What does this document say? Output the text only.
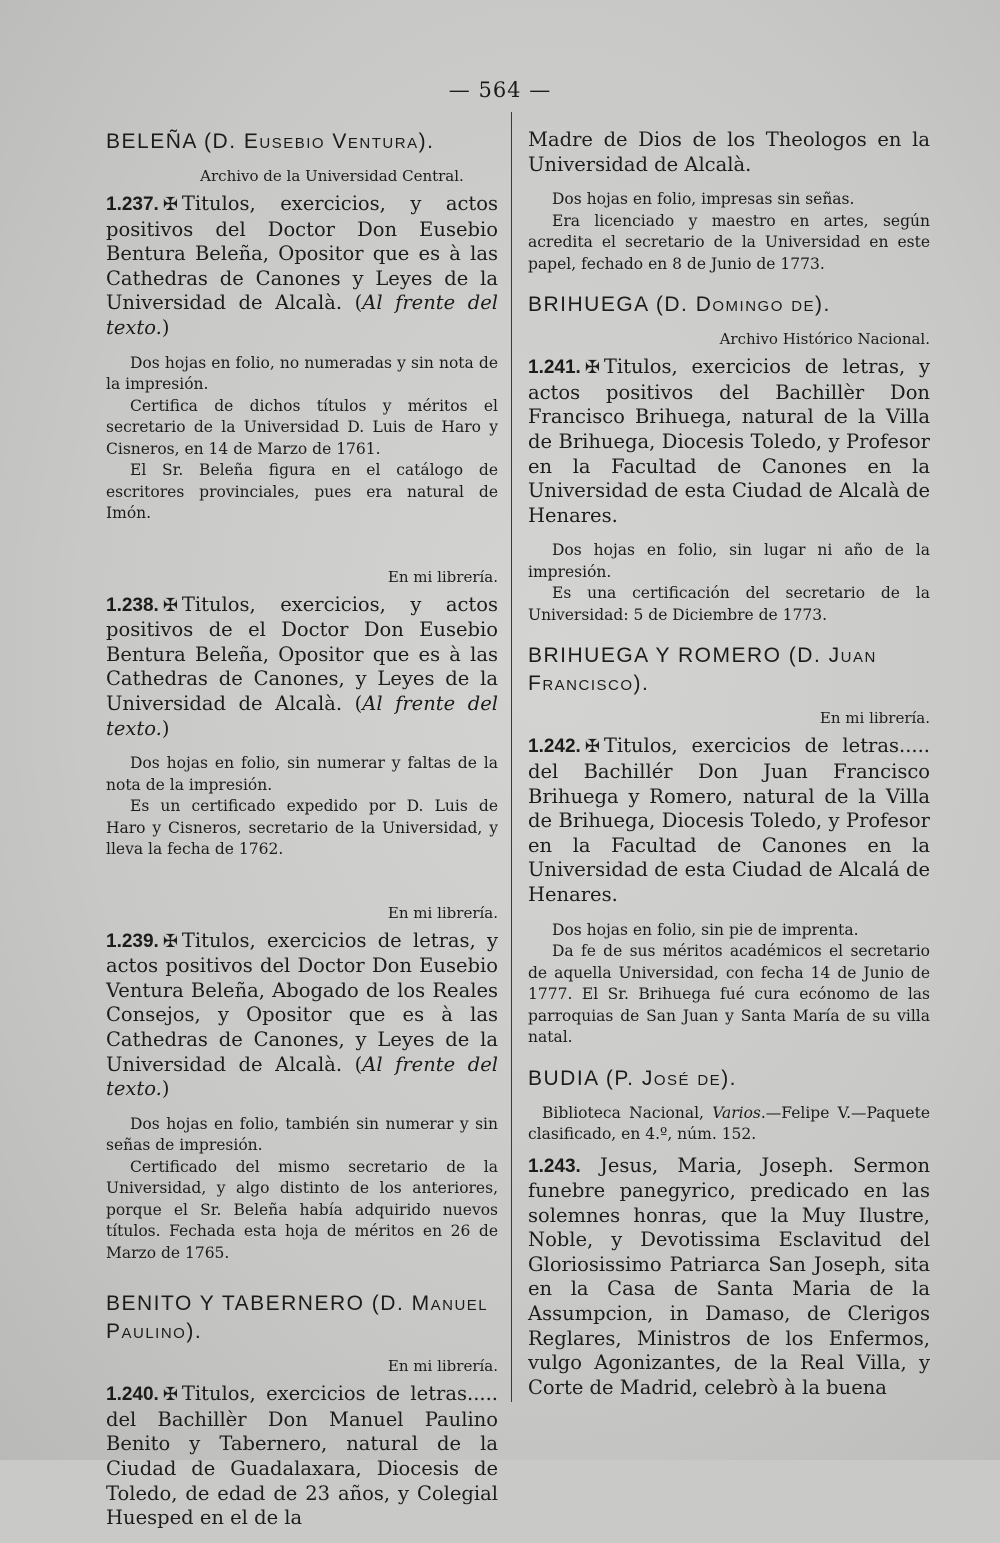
— 564 —
BELEÑA (D. Eusebio Ventura).
Archivo de la Universidad Central.

1.237. ✠ Titulos, exercicios, y actos positivos del Doctor Don Eusebio Bentura Beleña, Opositor que es à las Cathedras de Canones y Leyes de la Universidad de Alcalà. (Al frente del texto.)

Dos hojas en folio, no numeradas y sin nota de la impresión.

Certifica de dichos títulos y méritos el secretario de la Universidad D. Luis de Haro y Cisneros, en 14 de Marzo de 1761.

El Sr. Beleña figura en el catálogo de escritores provinciales, pues era natural de Imón.

En mi librería.

1.238. ✠ Titulos, exercicios, y actos positivos de el Doctor Don Eusebio Bentura Beleña, Opositor que es à las Cathedras de Canones, y Leyes de la Universidad de Alcalà. (Al frente del texto.)

Dos hojas en folio, sin numerar y faltas de la nota de la impresión.

Es un certificado expedido por D. Luis de Haro y Cisneros, secretario de la Universidad, y lleva la fecha de 1762.

En mi librería.

1.239. ✠ Titulos, exercicios de letras, y actos positivos del Doctor Don Eusebio Ventura Beleña, Abogado de los Reales Consejos, y Opositor que es à las Cathedras de Canones, y Leyes de la Universidad de Alcalà. (Al frente del texto.)

Dos hojas en folio, también sin numerar y sin señas de impresión.

Certificado del mismo secretario de la Universidad, y algo distinto de los anteriores, porque el Sr. Beleña había adquirido nuevos títulos. Fechada esta hoja de méritos en 26 de Marzo de 1765.

BENITO Y TABERNERO (D. Manuel Paulino).
En mi librería.

1.240. ✠ Titulos, exercicios de letras..... del Bachillèr Don Manuel Paulino Benito y Tabernero, natural de la Ciudad de Guadalaxara, Diocesis de Toledo, de edad de 23 años, y Colegial Huesped en el de la

Madre de Dios de los Theologos en la Universidad de Alcalà.

Dos hojas en folio, impresas sin señas.

Era licenciado y maestro en artes, según acredita el secretario de la Universidad en este papel, fechado en 8 de Junio de 1773.

BRIHUEGA (D. Domingo de).
Archivo Histórico Nacional.

1.241. ✠ Titulos, exercicios de letras, y actos positivos del Bachillèr Don Francisco Brihuega, natural de la Villa de Brihuega, Diocesis Toledo, y Profesor en la Facultad de Canones en la Universidad de esta Ciudad de Alcalà de Henares.

Dos hojas en folio, sin lugar ni año de la impresión.

Es una certificación del secretario de la Universidad: 5 de Diciembre de 1773.

BRIHUEGA Y ROMERO (D. Juan Francisco).
En mi librería.

1.242. ✠ Titulos, exercicios de letras..... del Bachillér Don Juan Francisco Brihuega y Romero, natural de la Villa de Brihuega, Diocesis Toledo, y Profesor en la Facultad de Canones en la Universidad de esta Ciudad de Alcalá de Henares.

Dos hojas en folio, sin pie de imprenta.

Da fe de sus méritos académicos el secretario de aquella Universidad, con fecha 14 de Junio de 1777. El Sr. Brihuega fué cura ecónomo de las parroquias de San Juan y Santa María de su villa natal.

BUDIA (P. José de).

Biblioteca Nacional, Varios.—Felipe V.—Paquete clasificado, en 4.º, núm. 152.

1.243. Jesus, Maria, Joseph. Sermon funebre panegyrico, predicado en las solemnes honras, que la Muy Ilustre, Noble, y Devotissima Esclavitud del Gloriosissimo Patriarca San Joseph, sita en la Casa de Santa Maria de la Assumpcion, in Damaso, de Clerigos Reglares, Ministros de los Enfermos, vulgo Agonizantes, de la Real Villa, y Corte de Madrid, celebrò à la buena
